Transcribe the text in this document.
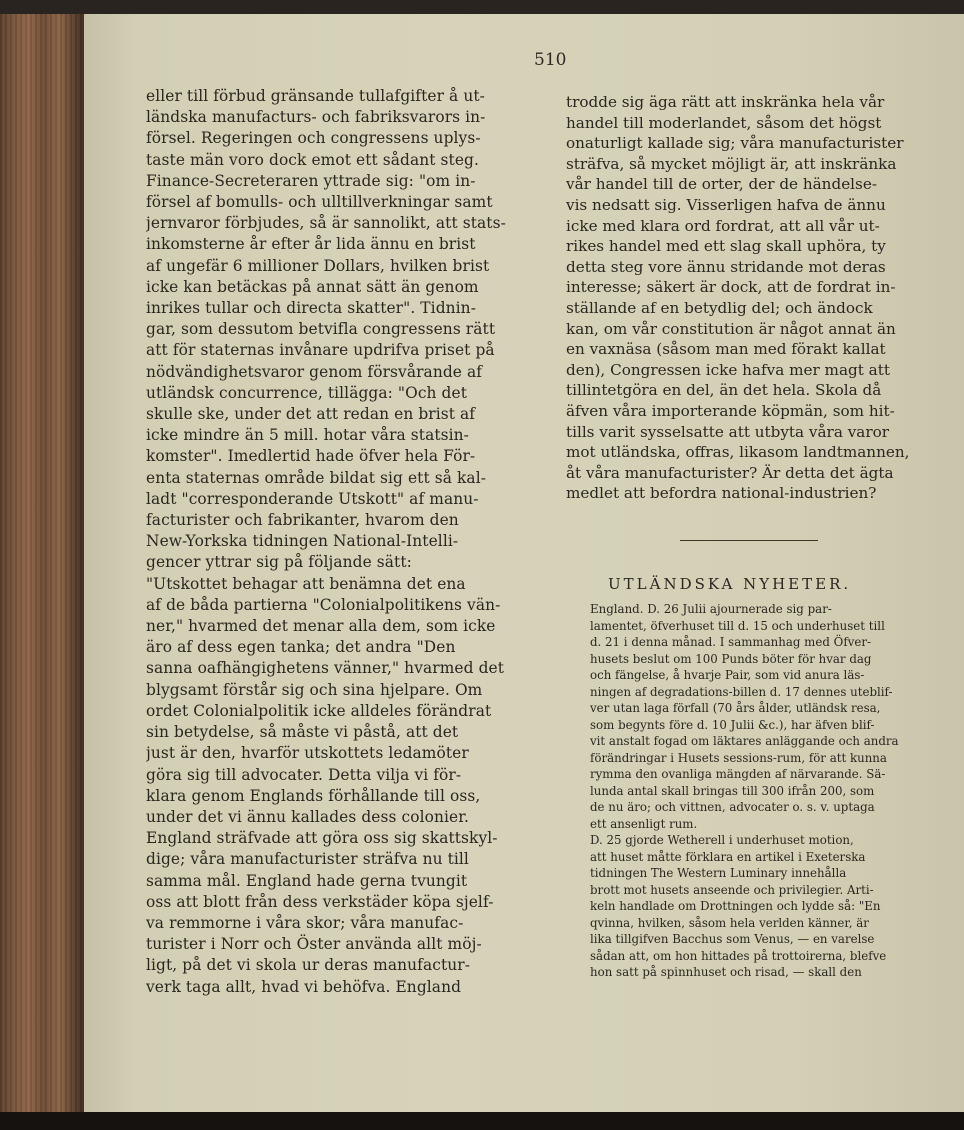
510
eller till förbud gränsande tullafgifter å ut-
ländska manufacturs- och fabriksvarors in-
försel. Regeringen och congressens uplys-
taste män voro dock emot ett sådant steg.
Finance-Secreteraren yttrade sig: "om in-
försel af bomulls- och ulltillverkningar samt
jernvaror förbjudes, så är sannolikt, att stats-
inkomsterne år efter år lida ännu en brist
af ungefär 6 millioner Dollars, hvilken brist
icke kan betäckas på annat sätt än genom
inrikes tullar och directa skatter". Tidnin-
gar, som dessutom betvifla congressens rätt
att för staternas invånare updrifva priset på
nödvändighetsvaror genom försvårande af
utländsk concurrence, tillägga: "Och det
skulle ske, under det att redan en brist af
icke mindre än 5 mill. hotar våra statsin-
komster". Imedlertid hade öfver hela För-
enta staternas område bildat sig ett så kal-
ladt "corresponderande Utskott" af manu-
facturister och fabrikanter, hvarom den
New-Yorkska tidningen National-Intelli-
gencer yttrar sig på följande sätt:
"Utskottet behagar att benämna det ena
af de båda partierna "Colonialpolitikens vän-
ner," hvarmed det menar alla dem, som icke
äro af dess egen tanka; det andra "Den
sanna oafhängighetens vänner," hvarmed det
blygsamt förstår sig och sina hjelpare. Om
ordet Colonialpolitik icke alldeles förändrat
sin betydelse, så måste vi påstå, att det
just är den, hvarför utskottets ledamöter
göra sig till advocater. Detta vilja vi för-
klara genom Englands förhållande till oss,
under det vi ännu kallades dess colonier.
England sträfvade att göra oss sig skattskyl-
dige; våra manufacturister sträfva nu till
samma mål. England hade gerna tvungit
oss att blott från dess verkstäder köpa sjelf-
va remmorne i våra skor; våra manufac-
turister i Norr och Öster använda allt möj-
ligt, på det vi skola ur deras manufactur-
verk taga allt, hvad vi behöfva. England
trodde sig äga rätt att inskränka hela vår
handel till moderlandet, såsom det högst
onaturligt kallade sig; våra manufacturister
sträfva, så mycket möjligt är, att inskränka
vår handel till de orter, der de händelse-
vis nedsatt sig. Visserligen hafva de ännu
icke med klara ord fordrat, att all vår ut-
rikes handel med ett slag skall uphöra, ty
detta steg vore ännu stridande mot deras
interesse; säkert är dock, att de fordrat in-
ställande af en betydlig del; och ändock
kan, om vår constitution är något annat än
en vaxnäsa (såsom man med förakt kallat
den), Congressen icke hafva mer magt att
tillintetgöra en del, än det hela. Skola då
äfven våra importerande köpmän, som hit-
tills varit sysselsatte att utbyta våra varor
mot utländska, offras, likasom landtmannen,
åt våra manufacturister? Är detta det ägta
medlet att befordra national-industrien?
UTLÄNDSKA NYHETER.
England. D. 26 Julii ajournerade sig par-
lamentet, öfverhuset till d. 15 och underhuset till
d. 21 i denna månad. I sammanhag med Öfver-
husets beslut om 100 Punds böter för hvar dag
och fängelse, å hvarje Pair, som vid anura läs-
ningen af degradations-billen d. 17 dennes uteblif-
ver utan laga förfall (70 års ålder, utländsk resa,
som begynts före d. 10 Julii &c.), har äfven blif-
vit anstalt fogad om läktares anläggande och andra
förändringar i Husets sessions-rum, för att kunna
rymma den ovanliga mängden af närvarande. Sä-
lunda antal skall bringas till 300 ifrån 200, som
de nu äro; och vittnen, advocater o. s. v. uptaga
ett ansenligt rum.
D. 25 gjorde Wetherell i underhuset motion,
att huset måtte förklara en artikel i Exeterska
tidningen The Western Luminary innehålla
brott mot husets anseende och privilegier. Arti-
keln handlade om Drottningen och lydde så: "En
qvinna, hvilken, såsom hela verlden känner, är
lika tillgifven Bacchus som Venus, — en varelse
sådan att, om hon hittades på trottoirerna, blefve
hon satt på spinnhuset och risad, — skall den
